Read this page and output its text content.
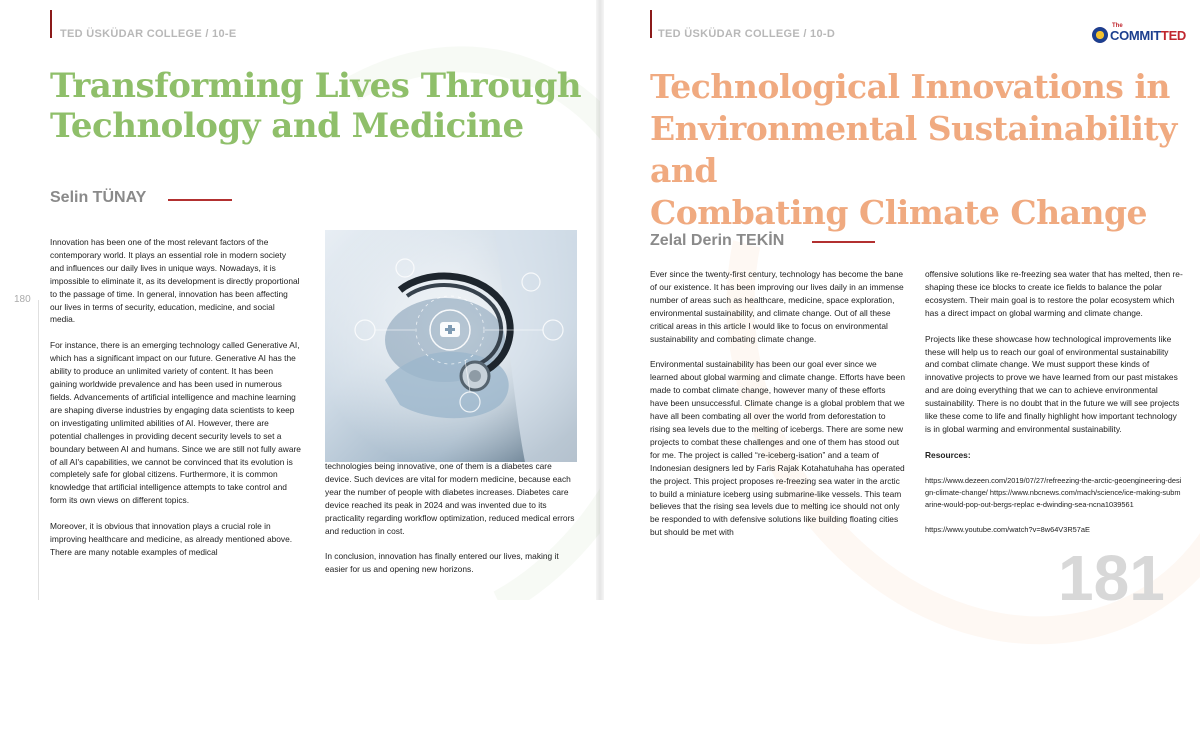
TED ÜSKÜDAR COLLEGE / 10-E
Transforming Lives Through
Technology and Medicine
Selin TÜNAY
180

Innovation has been one of the most relevant factors of the contemporary world. It plays an essential role in modern society and influences our daily lives in unique ways. Nowadays, it is impossible to eliminate it, as its development is directly proportional to the passage of time. In general, innovation has been affecting our lives in terms of security, education, medicine, and social media.

For instance, there is an emerging technology called Generative AI, which has a significant impact on our future. Generative AI has the ability to produce an unlimited variety of content. It has been gaining worldwide prevalence and has been used in numerous fields. Advancements of artificial intelligence and machine learning are shaping diverse industries by engaging data scientists to keep on investigating unlimited abilities of AI. However, there are potential challenges in providing decent security levels to set a boundary between AI and humans. Since we are still not fully aware of all AI's capabilities, we cannot be convinced that its evolution is completely safe for global citizens. Furthermore, it is common knowledge that artificial intelligence attempts to take control and form its own views on different topics.

Moreover, it is obvious that innovation plays a crucial role in improving healthcare and medicine, as already mentioned above. There are many notable examples of medical

technologies being innovative, one of them is a diabetes care device. Such devices are vital for modern medicine, because each year the number of people with diabetes increases. Diabetes care device reached its peak in 2024 and was invented due to its practicality regarding workflow optimization, reduced medical errors and reduction in cost.

In conclusion, innovation has finally entered our lives, making it easier for us and opening new horizons.

TED ÜSKÜDAR COLLEGE / 10-D
The
COMMITTED
Technological Innovations in
Environmental Sustainability and
Combating Climate Change
Zelal Derin TEKİN

Ever since the twenty-first century, technology has become the bane of our existence. It has been improving our lives daily in an immense number of areas such as healthcare, medicine, space exploration, environmental sustainability, and climate change. Out of all these critical areas in this article I would like to focus on environmental sustainability and combating climate change.

Environmental sustainability has been our goal ever since we learned about global warming and climate change. Efforts have been made to combat climate change, however many of these efforts have been unsuccessful. Climate change is a global problem that we have all been combating all over the world from deforestation to rising sea levels due to the melting of icebergs. There are some new projects to combat these challenges and one of them has stood out for me. The project is called “re-iceberg-isation” and a team of Indonesian designers led by Faris Rajak Kotahatuhaha has operated the project. This project proposes re-freezing sea water in the arctic to build a miniature iceberg using submarine-like vessels. This team believes that the rising sea levels due to melting ice should not only be responded to with defensive solutions like building floating cities but should be met with

offensive solutions like re-freezing sea water that has melted, then re-shaping these ice blocks to create ice fields to balance the polar ecosystem. Their main goal is to restore the polar ecosystem which has a direct impact on global warming and climate change.

Projects like these showcase how technological improvements like these will help us to reach our goal of environmental sustainability and combat climate change. We must support these kinds of innovative projects to prove we have learned from our past mistakes and are doing everything that we can to achieve environmental sustainability. There is no doubt that in the future we will see projects like these come to life and finally highlight how important technology is in global warming and environmental sustainability.

Resources:

https://www.dezeen.com/2019/07/27/refreezing-the-arctic-geoengineering-design-climate-change/ https://www.nbcnews.com/mach/science/ice-making-submarine-would-pop-out-bergs-replac e-dwinding-sea-ncna1039561

https://www.youtube.com/watch?v=8w64V3R57aE

181
